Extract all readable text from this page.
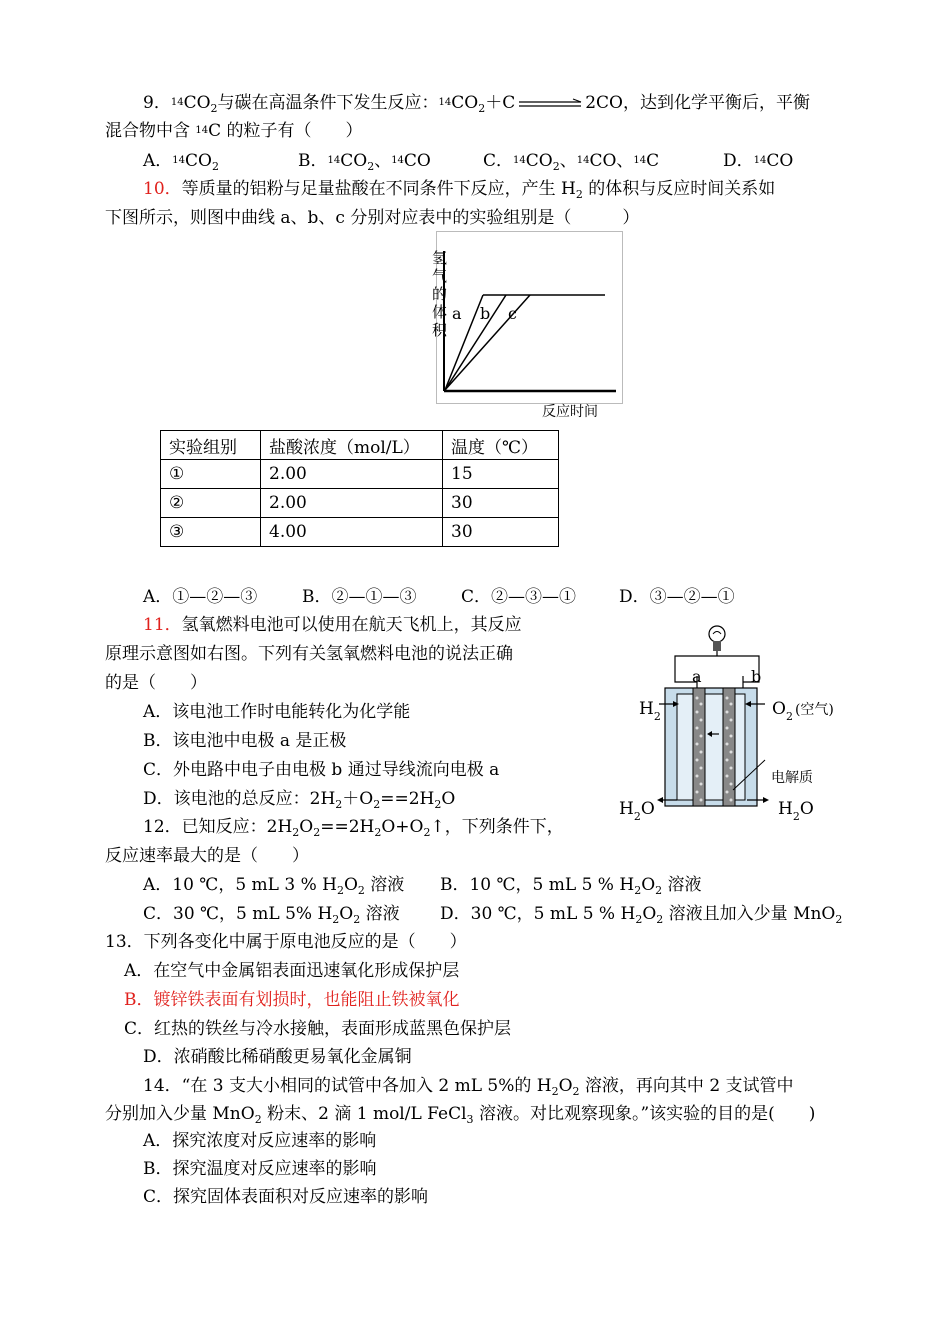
9．$^{14}CO_2$与碳在高温条件下发生反应：$^{14}CO_2+C$	2CO，达到化学平衡后，平衡
混合物中含 $^{14}$C 的粒子有（　　）
A．$^{14}CO_2$	B．$^{14}CO_2$、$^{14}$CO	C．$^{14}CO_2$、$^{14}$CO、$^{14}$C	D．$^{14}$CO
10．等质量的铝粉与足量盐酸在不同条件下反应，产生 $H_2$ 的体积与反应时间关系如
下图所示，则图中曲线 a、b、c 分别对应表中的实验组别是（　　　）
氢
气
的
体
积
a b c
反应时间
实验组别	盐酸浓度（mol/L）	温度（℃）
①	2.00	15
②	2.00	30
③	4.00	30
A．①—②—③	B．②—①—③	C．②—③—①	D．③—②—①
11．氢氧燃料电池可以使用在航天飞机上，其反应
原理示意图如右图。下列有关氢氧燃料电池的说法正确
的是（　　）
A．该电池工作时电能转化为化学能
B．该电池中电极 a 是正极
C．外电路中电子由电极 b 通过导线流向电极 a
D．该电池的总反应：$2H_2+O_2==2H_2O$
a	b
$H_2$	$O_2$ $^{(空气)}$
电解质
$H_2O$	$H_2O$
12．已知反应：$2H_2O_2==2H_2O+O_2↑$，下列条件下，
反应速率最大的是（　　）
A．10 ℃，5 mL 3 % $H_2O_2$ 溶液 B．10 ℃，5 mL 5 % $H_2O_2$ 溶液
C．30 ℃，5 mL 5% $H_2O_2$ 溶液 D．30 ℃，5 mL 5 % $H_2O_2$ 溶液且加入少量 MnO$_2$
13．下列各变化中属于原电池反应的是（　　）
A．在空气中金属铝表面迅速氧化形成保护层
B．镀锌铁表面有划损时，也能阻止铁被氧化
C．红热的铁丝与冷水接触，表面形成蓝黑色保护层
D．浓硝酸比稀硝酸更易氧化金属铜
14．“在 3 支大小相同的试管中各加入 2 mL 5%的 $H_2O_2$ 溶液，再向其中 2 支试管中
分别加入少量 MnO$_2$ 粉末、2 滴 1 mol/L FeCl$_3$ 溶液。对比观察现象。”该实验的目的是(　　)
A．探究浓度对反应速率的影响
B．探究温度对反应速率的影响
C．探究固体表面积对反应速率的影响
